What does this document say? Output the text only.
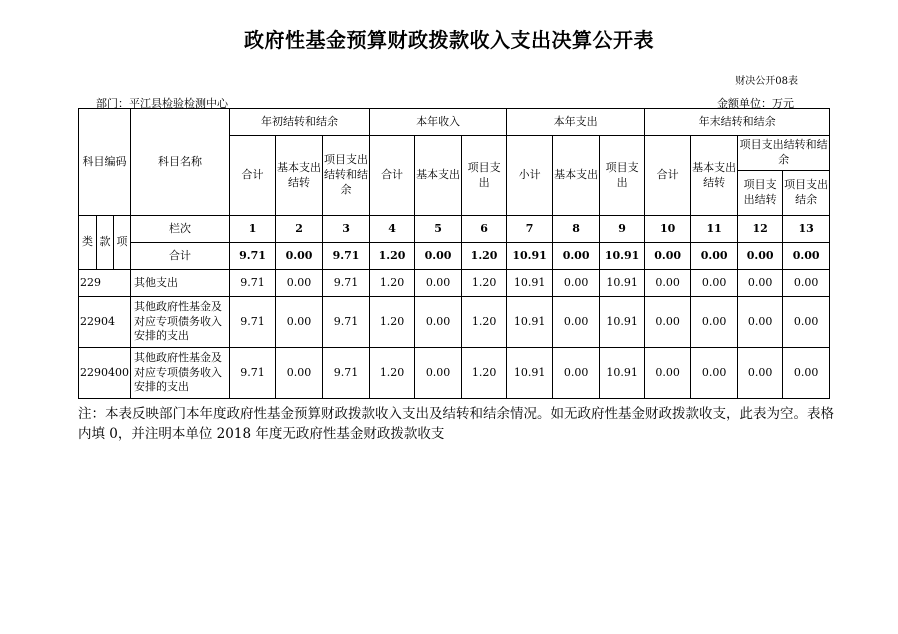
政府性基金预算财政拨款收入支出决算公开表
财决公开08表
部门：平江县检验检测中心	金额单位：万元
科目编码			科目名称	年初结转和结余			本年收入			本年支出			年末结转和结余			
				合计	基本支出结转	项目支出结转和结余	合计	基本支出	项目支出	小计	基本支出	项目支出	合计	基本支出结转	项目支出结转和结余	
															项目支出结转	项目支出结余
类	款	项	栏次	1	2	3	4	5	6	7	8	9	10	11	12	13
			合计	9.71	0.00	9.71	1.20	0.00	1.20	10.91	0.00	10.91	0.00	0.00	0.00	0.00
229			其他支出	9.71	0.00	9.71	1.20	0.00	1.20	10.91	0.00	10.91	0.00	0.00	0.00	0.00
22904			其他政府性基金及对应专项债务收入安排的支出	9.71	0.00	9.71	1.20	0.00	1.20	10.91	0.00	10.91	0.00	0.00	0.00	0.00
2290400			其他政府性基金及对应专项债务收入安排的支出	9.71	0.00	9.71	1.20	0.00	1.20	10.91	0.00	10.91	0.00	0.00	0.00	0.00
注：本表反映部门本年度政府性基金预算财政拨款收入支出及结转和结余情况。如无政府性基金财政拨款收支，此表为空。表格内填 0，并注明本单位 2018 年度无政府性基金财政拨款收支
